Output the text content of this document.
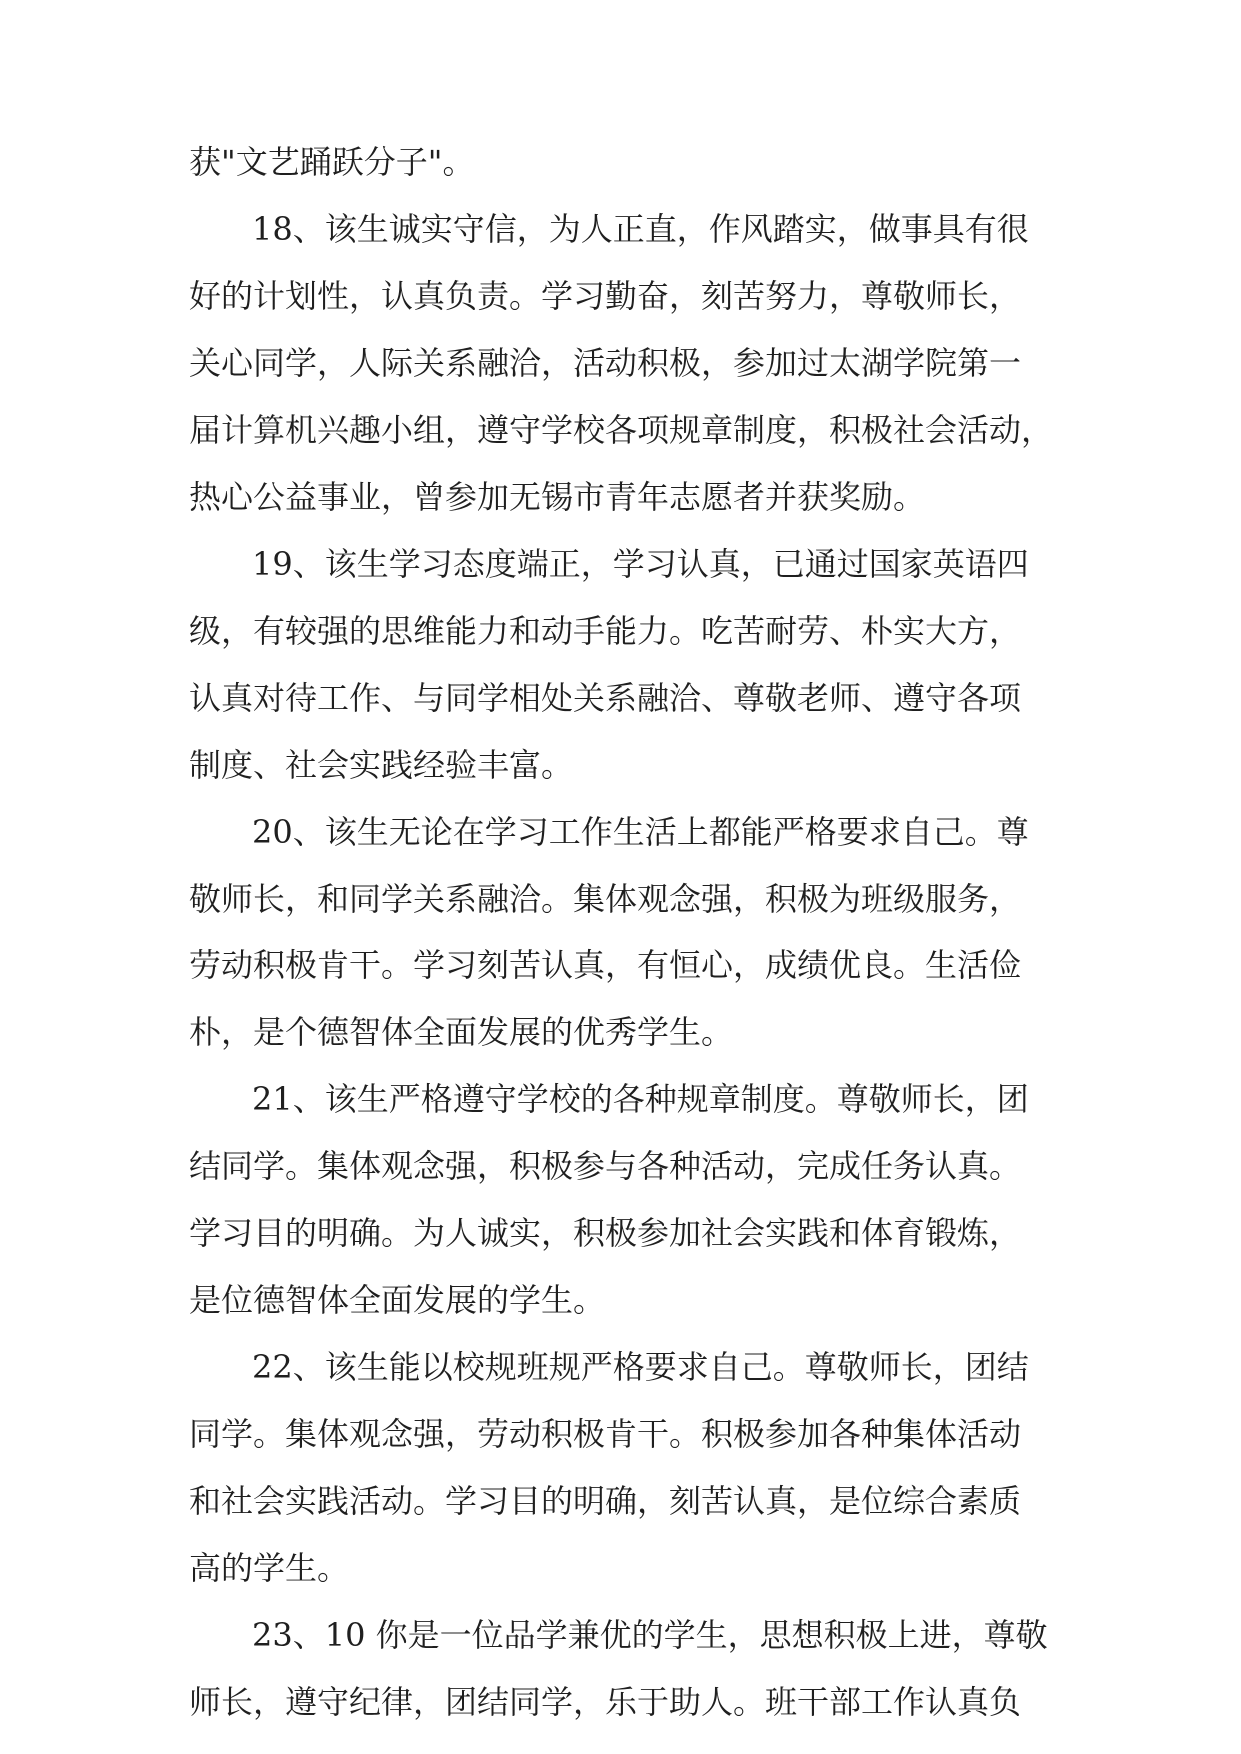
获"文艺踊跃分子"。
18、该生诚实守信，为人正直，作风踏实，做事具有很
好的计划性，认真负责。学习勤奋，刻苦努力，尊敬师长，
关心同学，人际关系融洽，活动积极，参加过太湖学院第一
届计算机兴趣小组，遵守学校各项规章制度，积极社会活动，
热心公益事业，曾参加无锡市青年志愿者并获奖励。
19、该生学习态度端正，学习认真，已通过国家英语四
级，有较强的思维能力和动手能力。吃苦耐劳、朴实大方，
认真对待工作、与同学相处关系融洽、尊敬老师、遵守各项
制度、社会实践经验丰富。
20、该生无论在学习工作生活上都能严格要求自己。尊
敬师长，和同学关系融洽。集体观念强，积极为班级服务，
劳动积极肯干。学习刻苦认真，有恒心，成绩优良。生活俭
朴，是个德智体全面发展的优秀学生。
21、该生严格遵守学校的各种规章制度。尊敬师长，团
结同学。集体观念强，积极参与各种活动，完成任务认真。
学习目的明确。为人诚实，积极参加社会实践和体育锻炼，
是位德智体全面发展的学生。
22、该生能以校规班规严格要求自己。尊敬师长，团结
同学。集体观念强，劳动积极肯干。积极参加各种集体活动
和社会实践活动。学习目的明确，刻苦认真，是位综合素质
高的学生。
23、10 你是一位品学兼优的学生，思想积极上进，尊敬
师长，遵守纪律，团结同学，乐于助人。班干部工作认真负
